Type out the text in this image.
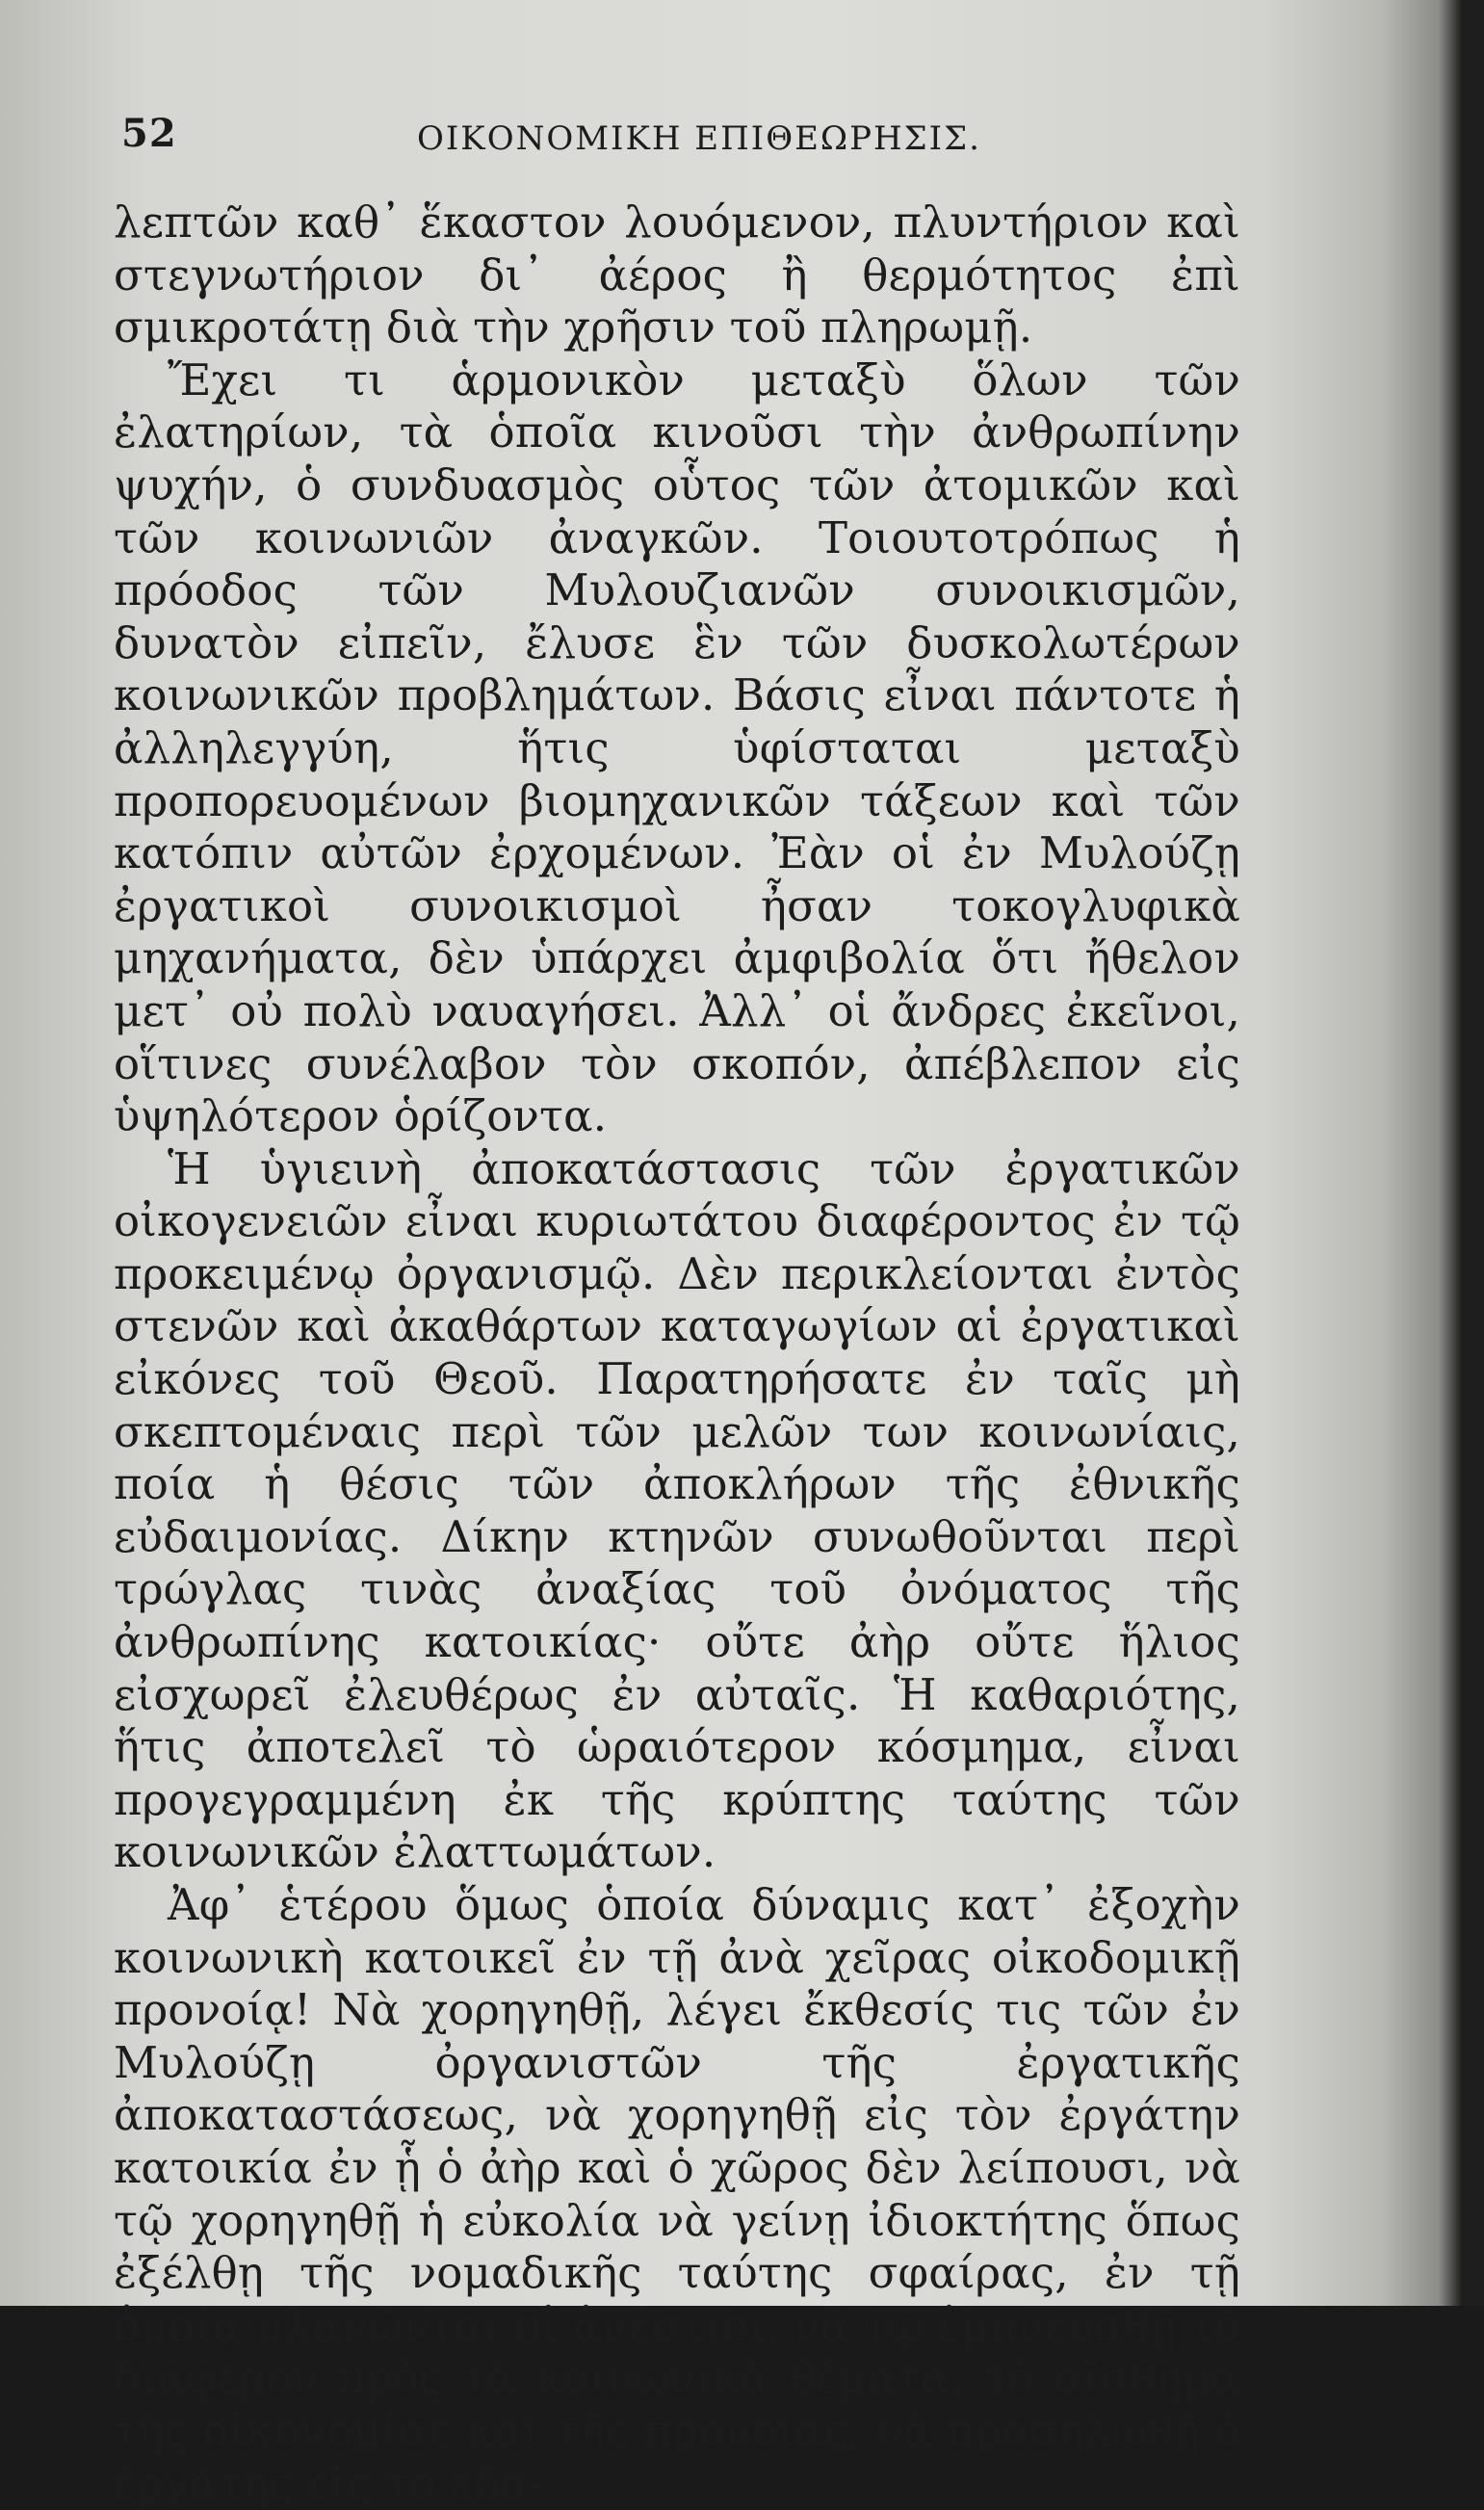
52	ΟΙΚΟΝΟΜΙΚΗ ΕΠΙΘΕΩΡΗΣΙΣ.

λεπτῶν καθ᾽ ἕκαστον λουόμενον, πλυντήριον καὶ στεγνωτήριον δι᾽ ἀέρος ἢ θερμότητος ἐπὶ σμικροτάτῃ διὰ τὴν χρῆσιν τοῦ πληρωμῇ.

Ἔχει τι ἁρμονικὸν μεταξὺ ὅλων τῶν ἐλατηρίων, τὰ ὁποῖα κινοῦσι τὴν ἀνθρωπίνην ψυχήν, ὁ συνδυασμὸς οὗτος τῶν ἀτομικῶν καὶ τῶν κοινωνιῶν ἀναγκῶν. Τοιουτοτρόπως ἡ πρόοδος τῶν Μυλουζιανῶν συνοικισμῶν, δυνατὸν εἰπεῖν, ἔλυσε ἓν τῶν δυσκολωτέρων κοινωνικῶν προβλημάτων. Βάσις εἶναι πάντοτε ἡ ἀλληλεγγύη, ἥτις ὑφίσταται μεταξὺ προπορευομένων βιομηχανικῶν τάξεων καὶ τῶν κατόπιν αὐτῶν ἐρχομένων. Ἐὰν οἱ ἐν Μυλούζῃ ἐργατικοὶ συνοικισμοὶ ἦσαν τοκογλυφικὰ μηχανήματα, δὲν ὑπάρχει ἀμφιβολία ὅτι ἤθελον μετ᾽ οὐ πολὺ ναυαγήσει. Ἀλλ᾽ οἱ ἄνδρες ἐκεῖνοι, οἵτινες συνέλαβον τὸν σκοπόν, ἀπέβλεπον εἰς ὑψηλότερον ὁρίζοντα.

Ἡ ὑγιεινὴ ἀποκατάστασις τῶν ἐργατικῶν οἰκογενειῶν εἶναι κυριωτάτου διαφέροντος ἐν τῷ προκειμένῳ ὀργανισμῷ. Δὲν περικλείονται ἐντὸς στενῶν καὶ ἀκαθάρτων καταγωγίων αἱ ἐργατικαὶ εἰκόνες τοῦ Θεοῦ. Παρατηρήσατε ἐν ταῖς μὴ σκεπτομέναις περὶ τῶν μελῶν των κοινωνίαις, ποία ἡ θέσις τῶν ἀποκλήρων τῆς ἐθνικῆς εὐδαιμονίας. Δίκην κτηνῶν συνωθοῦνται περὶ τρώγλας τινὰς ἀναξίας τοῦ ὀνόματος τῆς ἀνθρωπίνης κατοικίας· οὔτε ἀὴρ οὔτε ἥλιος εἰσχωρεῖ ἐλευθέρως ἐν αὐταῖς. Ἡ καθαριότης, ἥτις ἀποτελεῖ τὸ ὡραιότερον κόσμημα, εἶναι προγεγραμμένη ἐκ τῆς κρύπτης ταύτης τῶν κοινωνικῶν ἐλαττωμάτων.

Ἀφ᾽ ἑτέρου ὅμως ὁποία δύναμις κατ᾽ ἐξοχὴν κοινωνικὴ κατοικεῖ ἐν τῇ ἀνὰ χεῖρας οἰκοδομικῇ προνοίᾳ! Νὰ χορηγηθῇ, λέγει ἔκθεσίς τις τῶν ἐν Μυλούζῃ ὀργανιστῶν τῆς ἐργατικῆς ἀποκαταστάσεως, νὰ χορηγηθῇ εἰς τὸν ἐργάτην κατοικία ἐν ᾗ ὁ ἀὴρ καὶ ὁ χῶρος δὲν λείπουσι, νὰ τῷ χορηγηθῇ ἡ εὐκολία νὰ γείνῃ ἰδιοκτήτης ὅπως ἐξέλθῃ τῆς νομαδικῆς ταύτης σφαίρας, ἐν τῇ ὁποίᾳ πλανῶνται οἱ ἀνέστιοι, νὰ τῷ ἐμπνευσθῇ τὸ διαφέρον πρὸς τὰ κοινωνικὰ θέματα, τὸ αἴσθημα τῆς οἰκονομίας καὶ τῆς προνοίας, νὰ προσηλωθῇ ὁ ἐργάτης εἰς τὸ ἐδα-
